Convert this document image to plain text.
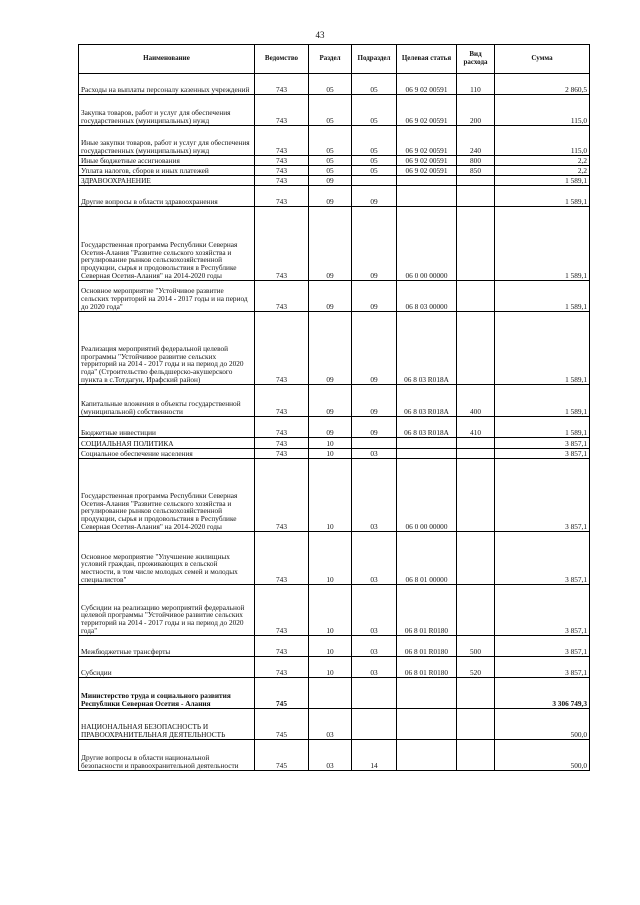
43
Наименование	Ведомство	Раздел	Подраздел	Целевая статья	Вид расхода	Сумма
Расходы на выплаты персоналу казенных учреждений	743	05	05	06 9 02 00591	110	2 860,5
Закупка товаров, работ и услуг для обеспечения государственных (муниципальных) нужд	743	05	05	06 9 02 00591	200	115,0
Иные закупки товаров, работ и услуг для обеспечения государственных (муниципальных) нужд	743	05	05	06 9 02 00591	240	115,0
Иные бюджетные ассигнования	743	05	05	06 9 02 00591	800	2,2
Уплата налогов, сборов и иных платежей	743	05	05	06 9 02 00591	850	2,2
ЗДРАВООХРАНЕНИЕ	743	09				1 589,1
Другие вопросы в области здравоохранения	743	09	09			1 589,1
Государственная программа Республики Северная Осетия-Алания "Развитие сельского хозяйства и регулирование рынков сельскохозяйственной продукции, сырья и продовольствия в Республике Северная Осетия-Алания" на 2014-2020 годы	743	09	09	06 0 00 00000		1 589,1
Основное мероприятие "Устойчивое развитие сельских территорий на 2014 - 2017 годы и на период до 2020 года"	743	09	09	06 8 03 00000		1 589,1
Реализация мероприятий федеральной целевой программы "Устойчивое развитие сельских территорий на 2014 - 2017 годы и на период до 2020 года" (Строительство фельдшерско-акушерского пункта в с.Тотдагун, Ирафский район)	743	09	09	06 8 03 R018A		1 589,1
Капитальные вложения в объекты государственной (муниципальной) собственности	743	09	09	06 8 03 R018A	400	1 589,1
Бюджетные инвестиции	743	09	09	06 8 03 R018A	410	1 589,1
СОЦИАЛЬНАЯ ПОЛИТИКА	743	10				3 857,1
Социальное обеспечение населения	743	10	03			3 857,1
Государственная программа Республики Северная Осетия-Алания "Развитие сельского хозяйства и регулирование рынков сельскохозяйственной продукции, сырья и продовольствия в Республике Северная Осетия-Алания" на 2014-2020 годы	743	10	03	06 0 00 00000		3 857,1
Основное мероприятие "Улучшение жилищных условий граждан, проживающих в сельской местности, в том числе молодых семей и молодых специалистов"	743	10	03	06 8 01 00000		3 857,1
Субсидии на реализацию мероприятий федеральной целевой программы "Устойчивое развитие сельских территорий на 2014 - 2017 годы и на период до 2020 года"	743	10	03	06 8 01 R0180		3 857,1
Межбюджетные трансферты	743	10	03	06 8 01 R0180	500	3 857,1
Субсидии	743	10	03	06 8 01 R0180	520	3 857,1
Министерство труда и социального развития Республики Северная Осетия - Алания	745					3 306 749,3
НАЦИОНАЛЬНАЯ БЕЗОПАСНОСТЬ И ПРАВООХРАНИТЕЛЬНАЯ ДЕЯТЕЛЬНОСТЬ	745	03				500,0
Другие вопросы в области национальной безопасности и правоохранительной деятельности	745	03	14			500,0
